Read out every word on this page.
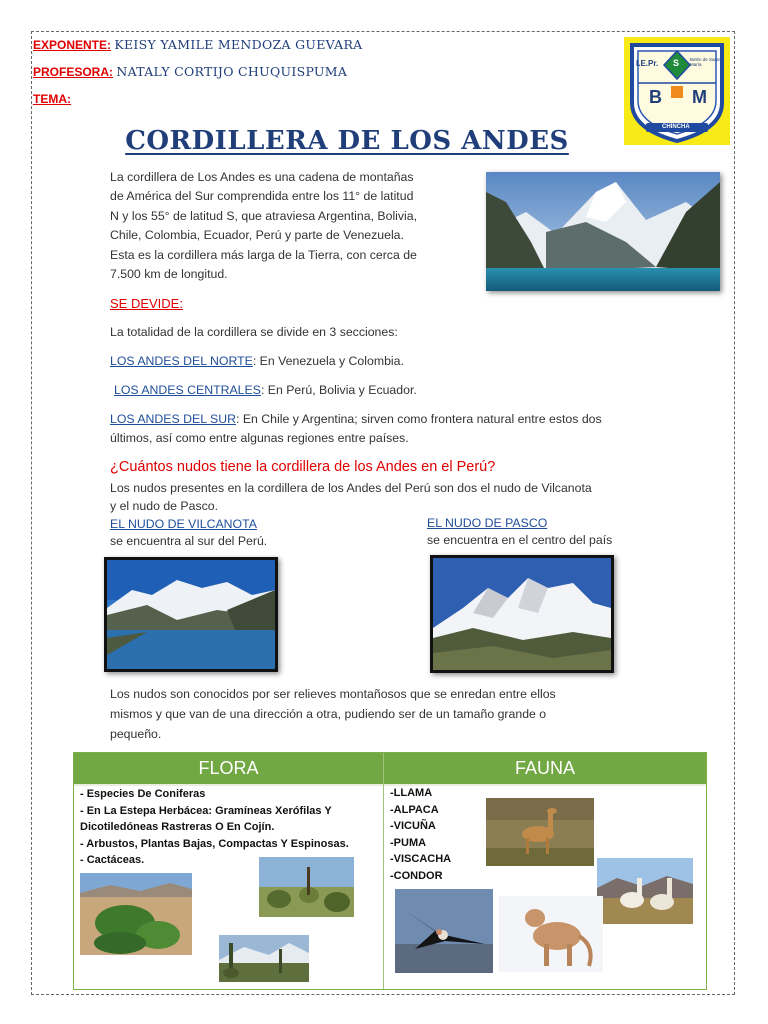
EXPONENTE: KEISY YAMILE MENDOZA GUEVARA
PROFESORA: NATALY CORTIJO CHUQUISPUMA
TEMA:
I.E.Pr.	Belén de Santa María
S
B M
CHINCHA
CORDILLERA DE LOS ANDES
La cordillera de Los Andes es una cadena de montañas
de América del Sur comprendida entre los 11° de latitud
N y los 55° de latitud S, que atraviesa Argentina, Bolivia,
Chile, Colombia, Ecuador, Perú y parte de Venezuela.
Esta es la cordillera más larga de la Tierra, con cerca de
7.500 km de longitud.
SE DEVIDE:
La totalidad de la cordillera se divide en 3 secciones:
LOS ANDES DEL NORTE: En Venezuela y Colombia.
LOS ANDES CENTRALES: En Perú, Bolivia y Ecuador.
LOS ANDES DEL SUR: En Chile y Argentina; sirven como frontera natural entre estos dos
últimos, así como entre algunas regiones entre países.
¿Cuántos nudos tiene la cordillera de los Andes en el Perú?
Los nudos presentes en la cordillera de los Andes del Perú son dos el nudo de Vilcanota
y el nudo de Pasco.
EL NUDO DE VILCANOTA
se encuentra al sur del Perú.
EL NUDO DE PASCO
se encuentra en el centro del país
Los nudos son conocidos por ser relieves montañosos que se enredan entre ellos
mismos y que van de una dirección a otra, pudiendo ser de un tamaño grande o
pequeño.
FLORA	FAUNA
- Especies De Coniferas
- En La Estepa Herbácea: Gramíneas Xerófilas Y
Dicotiledóneas Rastreras O En Cojín.
- Arbustos, Plantas Bajas, Compactas Y Espinosas.
- Cactáceas.
-LLAMA
-ALPACA
-VICUÑA
-PUMA
-VISCACHA
-CONDOR
